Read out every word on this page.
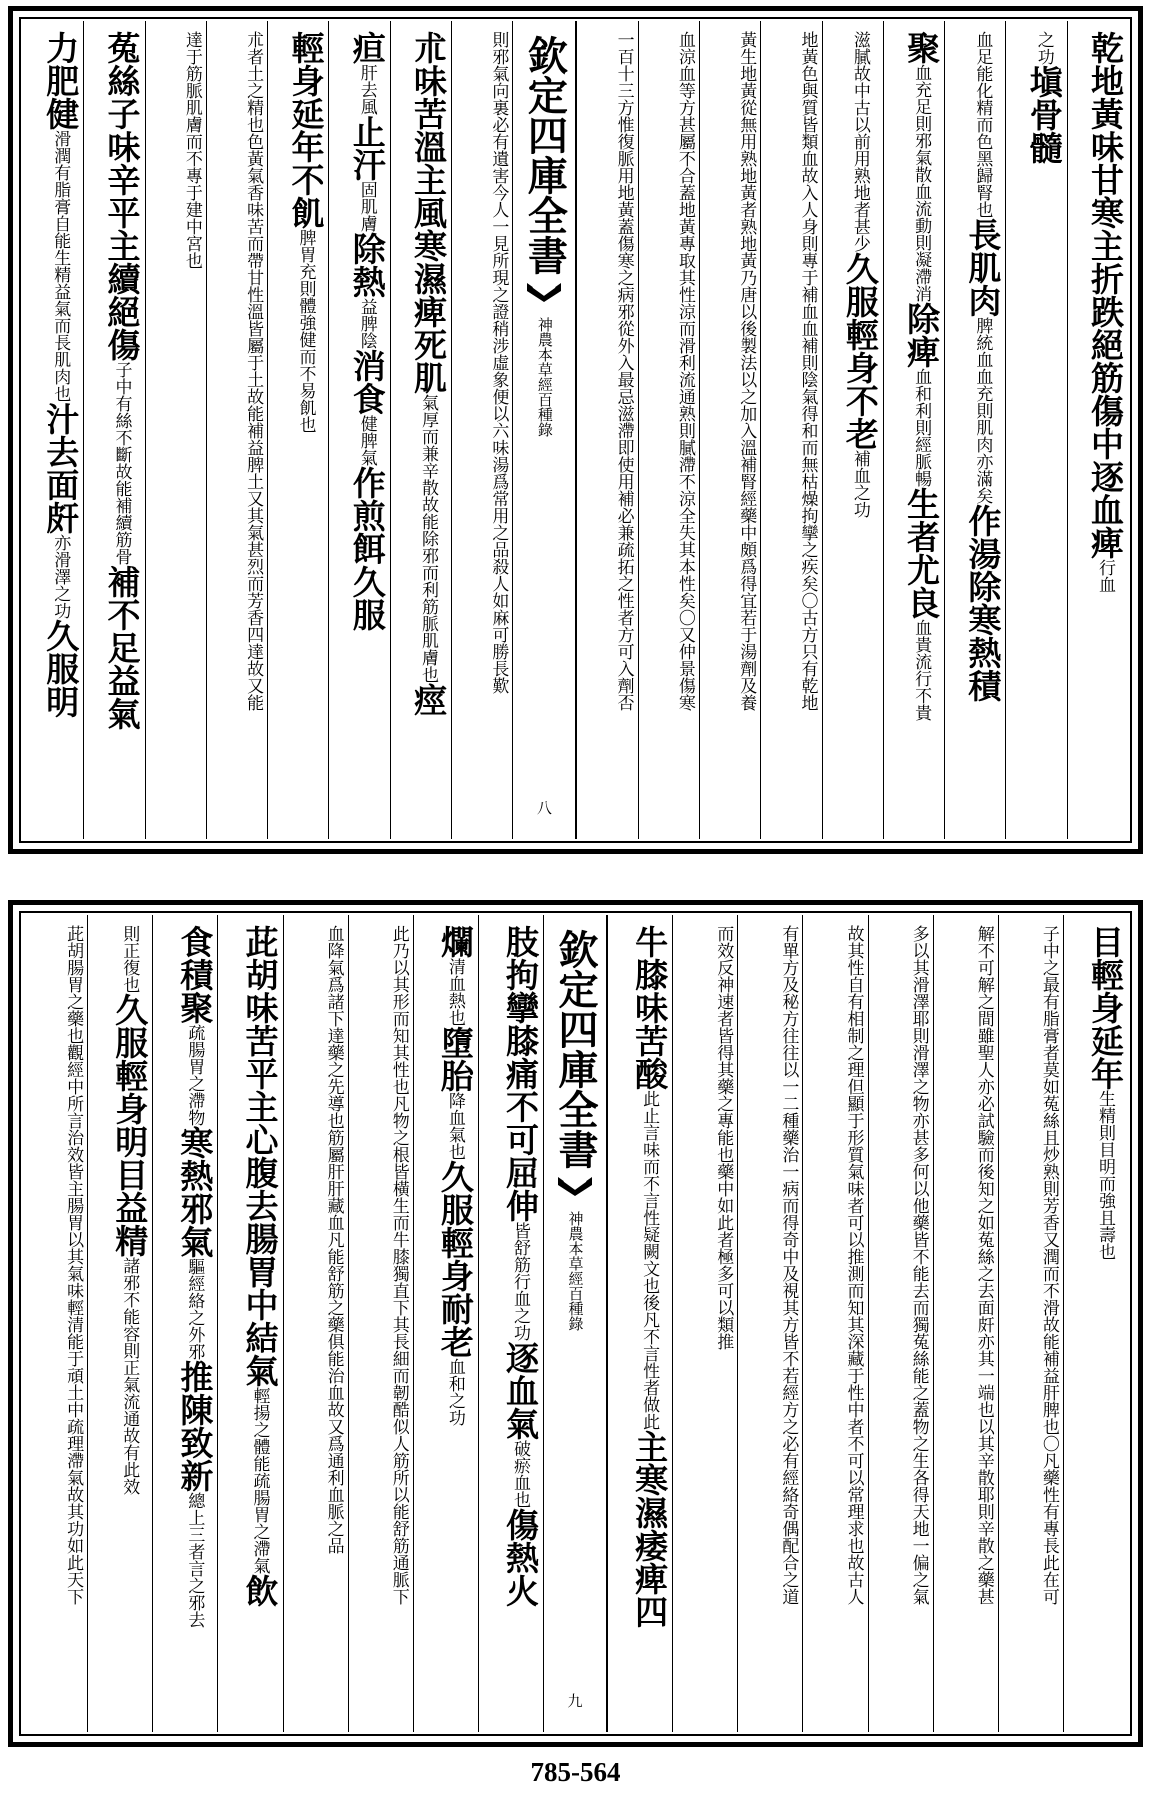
乾地黃味甘寒主折跌絕筋傷中逐血痺行血
之功塡骨髓
血足能化精而色黑歸腎也長肌肉脾統血血充則肌肉亦滿矣作湯除寒熱積
聚血充足則邪氣散血流動則凝滯消除痺血和利則經脈暢生者尤良血貴流行不貴
滋膩故中古以前用熟地者甚少久服輕身不老補血之功
地黃色與質皆類血故入人身則專于補血血補則陰氣得和而無枯燥拘攣之疾矣〇古方只有乾地
黃生地黃從無用熟地黃者熟地黃乃唐以後製法以之加入溫補腎經藥中頗爲得宜若于湯劑及養
血涼血等方甚屬不合蓋地黃專取其性涼而滑利流通熟則膩滯不涼全失其本性矣〇又仲景傷寒
一百十三方惟復脈用地黃蓋傷寒之病邪從外入最忌滋滯即使用補必兼疏拓之性者方可入劑否
欽定四庫全書
神農本草經百種錄
八
則邪氣向裏必有遺害今人一見所現之證稍涉虛象便以六味湯爲常用之品殺人如麻可勝長歎
朮味苦溫主風寒濕痺死肌氣厚而兼辛散故能除邪而利筋脈肌膚也痙
疸肝去風止汗固肌膚除熱益脾陰消食健脾氣作煎餌久服
輕身延年不飢脾胃充則體強健而不易飢也
朮者土之精也色黃氣香味苦而帶甘性溫皆屬于土故能補益脾土又其氣甚烈而芳香四達故又能
達于筋脈肌膚而不專于建中宮也
菟絲子味辛平主續絕傷子中有絲不斷故能補續筋骨補不足益氣
力肥健滑潤有脂膏自能生精益氣而長肌肉也汁去面皯亦滑澤之功久服明
目輕身延年生精則目明而強且壽也
子中之最有脂膏者莫如菟絲且炒熟則芳香又潤而不滑故能補益肝脾也〇凡藥性有專長此在可
解不可解之間雖聖人亦必試驗而後知之如菟絲之去面皯亦其一端也以其辛散耶則辛散之藥甚
多以其滑澤耶則滑澤之物亦甚多何以他藥皆不能去而獨菟絲能之蓋物之生各得天地一偏之氣
故其性自有相制之理但顯于形質氣味者可以推測而知其深藏于性中者不可以常理求也故古人
有單方及秘方往往以一二種藥治一病而得奇中及視其方皆不若經方之必有經絡奇偶配合之道
而效反神速者皆得其藥之專能也藥中如此者極多可以類推
牛膝味苦酸此止言味而不言性疑闕文也後凡不言性者做此主寒濕痿痺四
欽定四庫全書
神農本草經百種錄
九
肢拘攣膝痛不可屈伸皆舒筋行血之功逐血氣破瘀血也傷熱火
爛清血熱也墮胎降血氣也久服輕身耐老血和之功
此乃以其形而知其性也凡物之根皆橫生而牛膝獨直下其長細而韌酷似人筋所以能舒筋通脈下
血降氣爲諸下達藥之先導也筋屬肝肝藏血凡能舒筋之藥俱能治血故又爲通利血脈之品
茈胡味苦平主心腹去腸胃中結氣輕揚之體能疏腸胃之滯氣飲
食積聚疏腸胃之滯物寒熱邪氣驅經絡之外邪推陳致新總上三者言之邪去
則正復也久服輕身明目益精諸邪不能容則正氣流通故有此效
茈胡腸胃之藥也觀經中所言治效皆主腸胃以其氣味輕清能于頑土中疏理滯氣故其功如此天下
785-564
